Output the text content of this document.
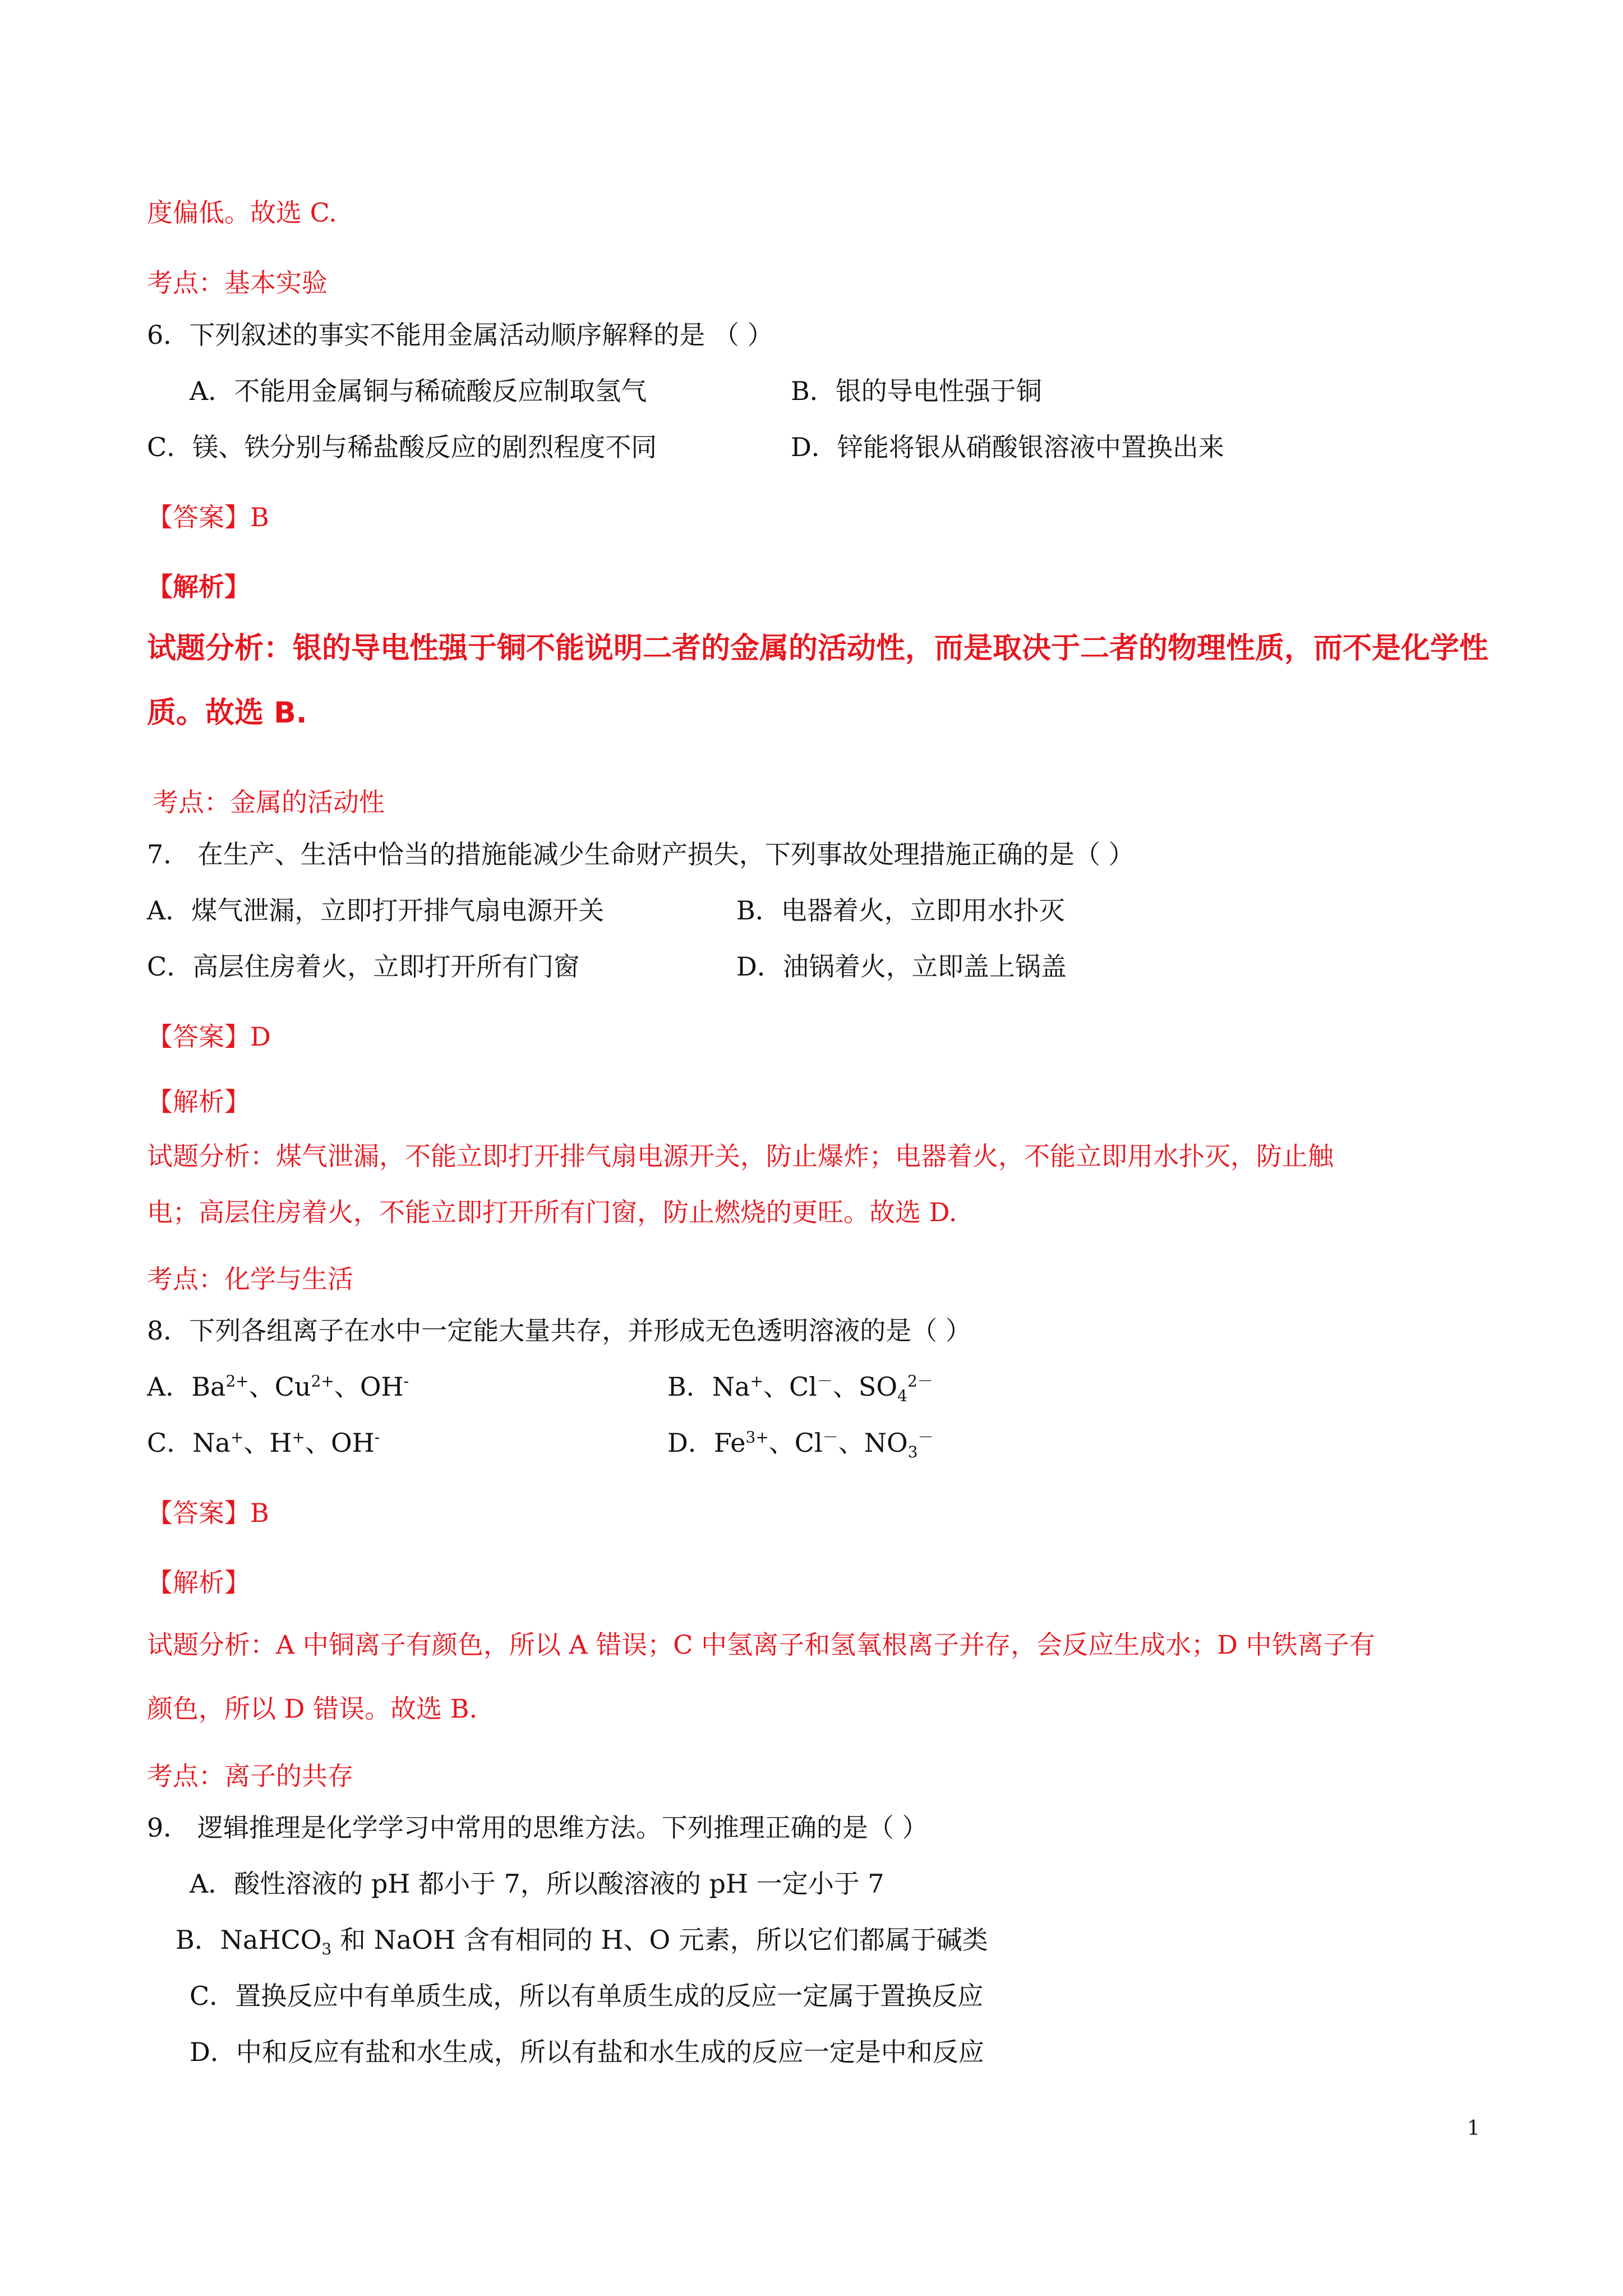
度偏低。故选 C.
考点：基本实验
6．下列叙述的事实不能用金属活动顺序解释的是 （ ）
A．不能用金属铜与稀硫酸反应制取氢气	B．银的导电性强于铜
C．镁、铁分别与稀盐酸反应的剧烈程度不同	D．锌能将银从硝酸银溶液中置换出来
【答案】B
【解析】
试题分析：银的导电性强于铜不能说明二者的金属的活动性，而是取决于二者的物理性质，而不是化学性
质。故选 B.
考点：金属的活动性
7． 在生产、生活中恰当的措施能减少生命财产损失，下列事故处理措施正确的是（ ）
A．煤气泄漏，立即打开排气扇电源开关	B．电器着火，立即用水扑灭
C．高层住房着火，立即打开所有门窗	D．油锅着火，立即盖上锅盖
【答案】D
【解析】
试题分析：煤气泄漏，不能立即打开排气扇电源开关，防止爆炸；电器着火，不能立即用水扑灭，防止触
电；高层住房着火，不能立即打开所有门窗，防止燃烧的更旺。故选 D.
考点：化学与生活
8．下列各组离子在水中一定能大量共存，并形成无色透明溶液的是（ ）
A．$Ba^{2+}$、$Cu^{2+}$、OH-	B．Na+、Cl－、$SO_4^{2-}$
C．Na+、H+、OH-	D．$Fe^{3+}$、Cl－、$NO_3^-$
【答案】B
【解析】
试题分析：A 中铜离子有颜色，所以 A 错误；C 中氢离子和氢氧根离子并存，会反应生成水；D 中铁离子有
颜色，所以 D 错误。故选 B.
考点：离子的共存
9． 逻辑推理是化学学习中常用的思维方法。下列推理正确的是（ ）
A．酸性溶液的 pH 都小于 7，所以酸溶液的 pH 一定小于 7
B．NaHCO$_3$ 和 NaOH 含有相同的 H、O 元素，所以它们都属于碱类
C．置换反应中有单质生成，所以有单质生成的反应一定属于置换反应
D．中和反应有盐和水生成，所以有盐和水生成的反应一定是中和反应
1
